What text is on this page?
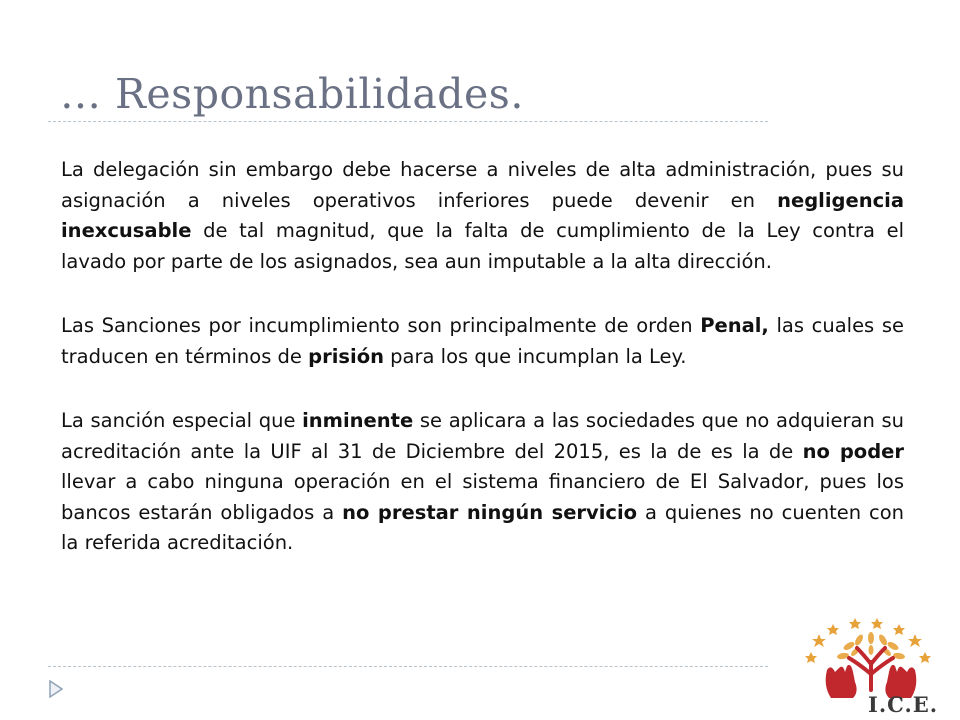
… Responsabilidades.

La delegación sin embargo debe hacerse a niveles de alta administración, pues su asignación a niveles operativos inferiores puede devenir en negligencia inexcusable de tal magnitud, que la falta de cumplimiento de la Ley contra el lavado por parte de los asignados, sea aun imputable a la alta dirección.

Las Sanciones por incumplimiento son principalmente de orden Penal, las cuales se traducen en términos de prisión para los que incumplan la Ley.

La sanción especial que inminente se aplicara a las sociedades que no adquieran su acreditación ante la UIF al 31 de Diciembre del 2015, es la de es la de no poder llevar a cabo ninguna operación en el sistema financiero de El Salvador, pues los bancos estarán obligados a no prestar ningún servicio a quienes no cuenten con la referida acreditación.

I.C.E.
